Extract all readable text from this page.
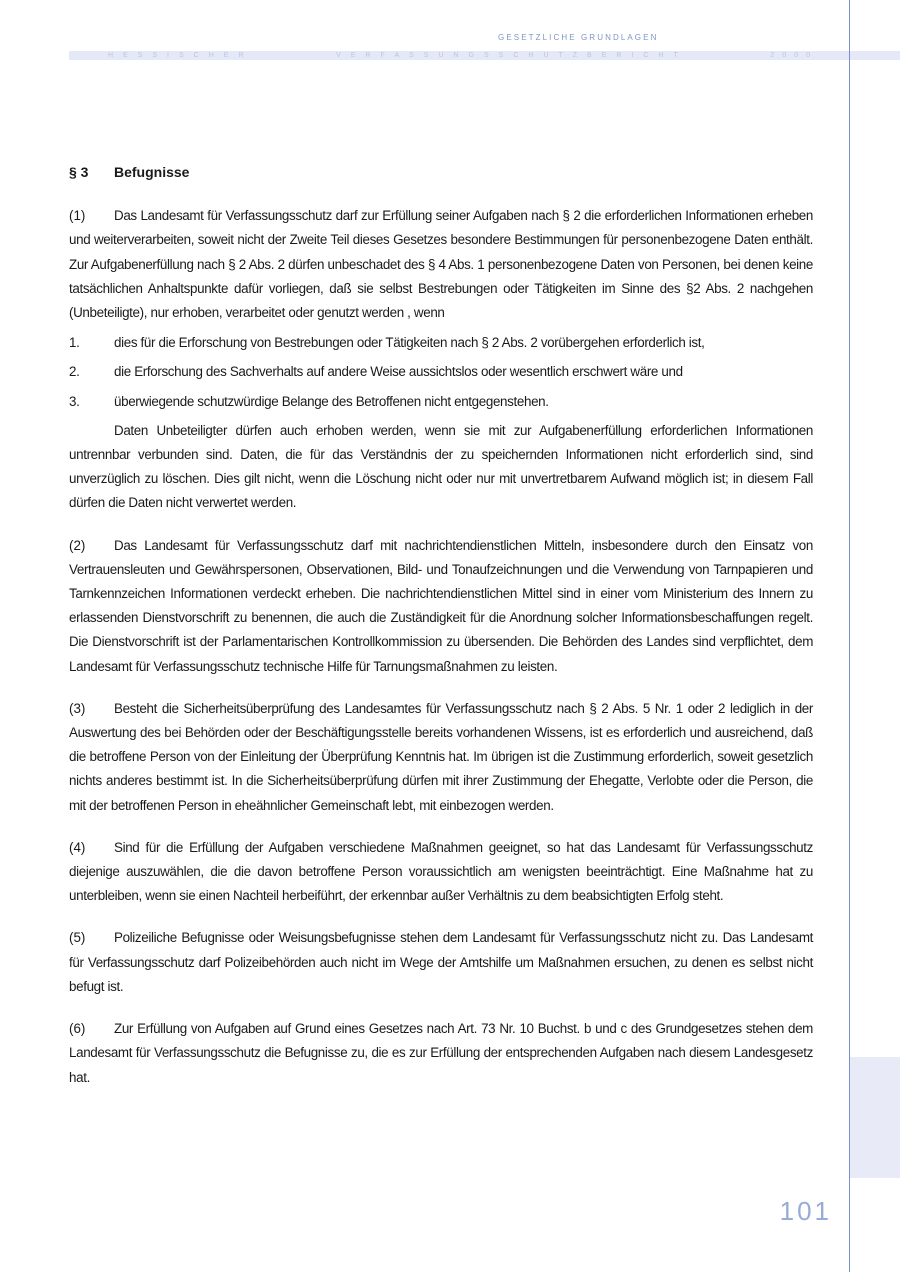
GESETZLICHE GRUNDLAGEN
HESSISCHER	VERFASSUNGSSCHUTZBERICHT	2000
§ 3 Befugnisse

(1) Das Landesamt für Verfassungsschutz darf zur Erfüllung seiner Aufgaben nach § 2 die erforderlichen Informationen erheben und weiterverarbeiten, soweit nicht der Zweite Teil dieses Gesetzes besondere Bestimmungen für personenbezogene Daten enthält. Zur Aufgabenerfüllung nach § 2 Abs. 2 dürfen unbeschadet des § 4 Abs. 1 personenbezogene Daten von Personen, bei denen keine tatsächlichen Anhaltspunkte dafür vorliegen, daß sie selbst Bestrebungen oder Tätigkeiten im Sinne des §2 Abs. 2 nachgehen (Unbeteiligte), nur erhoben, verarbeitet oder genutzt werden , wenn

1.	dies für die Erforschung von Bestrebungen oder Tätigkeiten nach § 2 Abs. 2 vorübergehen erforderlich ist,
2.	die Erforschung des Sachverhalts auf andere Weise aussichtslos oder wesentlich erschwert wäre und
3.	überwiegende schutzwürdige Belange des Betroffenen nicht entgegenstehen.

Daten Unbeteiligter dürfen auch erhoben werden, wenn sie mit zur Aufgabenerfüllung erforderlichen Informationen untrennbar verbunden sind. Daten, die für das Verständnis der zu speichernden Informationen nicht erforderlich sind, sind unverzüglich zu löschen. Dies gilt nicht, wenn die Löschung nicht oder nur mit unvertretbarem Aufwand möglich ist; in diesem Fall dürfen die Daten nicht verwertet werden.

(2) Das Landesamt für Verfassungsschutz darf mit nachrichtendienstlichen Mitteln, insbesondere durch den Einsatz von Vertrauensleuten und Gewährspersonen, Observationen, Bild- und Tonaufzeichnungen und die Verwendung von Tarnpapieren und Tarnkennzeichen Informationen verdeckt erheben. Die nachrichtendienstlichen Mittel sind in einer vom Ministerium des Innern zu erlassenden Dienstvorschrift zu benennen, die auch die Zuständigkeit für die Anordnung solcher Informationsbeschaffungen regelt. Die Dienstvorschrift ist der Parlamentarischen Kontrollkommission zu übersenden. Die Behörden des Landes sind verpflichtet, dem Landesamt für Verfassungsschutz technische Hilfe für Tarnungsmaßnahmen zu leisten.

(3) Besteht die Sicherheitsüberprüfung des Landesamtes für Verfassungsschutz nach § 2 Abs. 5 Nr. 1 oder 2 lediglich in der Auswertung des bei Behörden oder der Beschäftigungsstelle bereits vorhandenen Wissens, ist es erforderlich und ausreichend, daß die betroffene Person von der Einleitung der Überprüfung Kenntnis hat. Im übrigen ist die Zustimmung erforderlich, soweit gesetzlich nichts anderes bestimmt ist. In die Sicherheitsüberprüfung dürfen mit ihrer Zustimmung der Ehegatte, Verlobte oder die Person, die mit der betroffenen Person in eheähnlicher Gemeinschaft lebt, mit einbezogen werden.

(4) Sind für die Erfüllung der Aufgaben verschiedene Maßnahmen geeignet, so hat das Landesamt für Verfassungsschutz diejenige auszuwählen, die die davon betroffene Person voraussichtlich am wenigsten beeinträchtigt. Eine Maßnahme hat zu unterbleiben, wenn sie einen Nachteil herbeiführt, der erkennbar außer Verhältnis zu dem beabsichtigten Erfolg steht.

(5) Polizeiliche Befugnisse oder Weisungsbefugnisse stehen dem Landesamt für Verfassungsschutz nicht zu. Das Landesamt für Verfassungsschutz darf Polizeibehörden auch nicht im Wege der Amtshilfe um Maßnahmen ersuchen, zu denen es selbst nicht befugt ist.

(6) Zur Erfüllung von Aufgaben auf Grund eines Gesetzes nach Art. 73 Nr. 10 Buchst. b und c des Grundgesetzes stehen dem Landesamt für Verfassungsschutz die Befugnisse zu, die es zur Erfüllung der entsprechenden Aufgaben nach diesem Landesgesetz hat.

101
